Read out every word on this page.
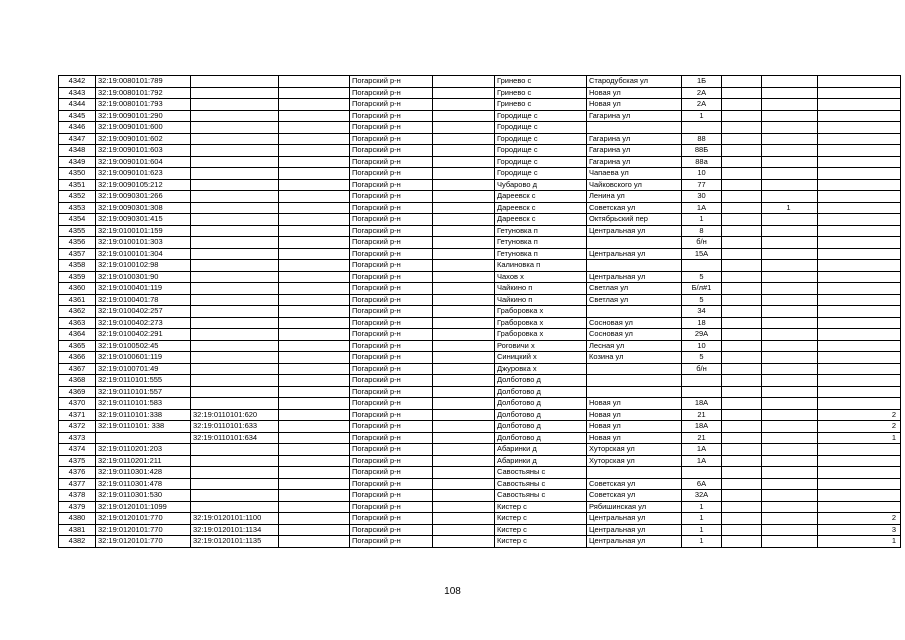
4342	32:19:0080101:789			Погарский р-н		Гринево с	Стародубская ул	1Б			
4343	32:19:0080101:792			Погарский р-н		Гринево с	Новая ул	2А			
4344	32:19:0080101:793			Погарский р-н		Гринево с	Новая ул	2А			
4345	32:19:0090101:290			Погарский р-н		Городище с	Гагарина ул	1			
4346	32:19:0090101:600			Погарский р-н		Городище с					
4347	32:19:0090101:602			Погарский р-н		Городище с	Гагарина ул	88			
4348	32:19:0090101:603			Погарский р-н		Городище с	Гагарина ул	88Б			
4349	32:19:0090101:604			Погарский р-н		Городище с	Гагарина ул	88а			
4350	32:19:0090101:623			Погарский р-н		Городище с	Чапаева ул	10			
4351	32:19:0090105:212			Погарский р-н		Чубарово д	Чайковского ул	77			
4352	32:19:0090301:266			Погарский р-н		Дареевск с	Ленина ул	30			
4353	32:19:0090301:308			Погарский р-н		Дареевск с	Советская ул	1А		1	
4354	32:19:0090301:415			Погарский р-н		Дареевск с	Октябрьский пер	1			
4355	32:19:0100101:159			Погарский р-н		Гетуновка п	Центральная ул	8			
4356	32:19:0100101:303			Погарский р-н		Гетуновка п		б/н			
4357	32:19:0100101:304			Погарский р-н		Гетуновка п	Центральная ул	15А			
4358	32:19:0100102:98			Погарский р-н		Калиновка п					
4359	32:19:0100301:90			Погарский р-н		Чахов х	Центральная ул	5			
4360	32:19:0100401:119			Погарский р-н		Чайкино п	Светлая ул	Б/л#1			
4361	32:19:0100401:78			Погарский р-н		Чайкино п	Светлая ул	5			
4362	32:19:0100402:257			Погарский р-н		Граборовка х		34			
4363	32:19:0100402:273			Погарский р-н		Граборовка х	Сосновая ул	18			
4364	32:19:0100402:291			Погарский р-н		Граборовка х	Сосновая ул	29А			
4365	32:19:0100502:45			Погарский р-н		Роговичи х	Лесная ул	10			
4366	32:19:0100601:119			Погарский р-н		Синицкий х	Козина ул	5			
4367	32:19:0100701:49			Погарский р-н		Джуровка х		б/н			
4368	32:19:0110101:555			Погарский р-н		Долботово д					
4369	32:19:0110101:557			Погарский р-н		Долботово д					
4370	32:19:0110101:583			Погарский р-н		Долботово д	Новая ул	18А			
4371	32:19:0110101:338	32:19:0110101:620		Погарский р-н		Долботово д	Новая ул	21			2
4372	32:19:0110101: 338	32:19:0110101:633		Погарский р-н		Долботово д	Новая ул	18А			2
4373		32:19:0110101:634		Погарский р-н		Долботово д	Новая ул	21			1
4374	32:19:0110201:203			Погарский р-н		Абаринки д	Хуторская ул	1А			
4375	32:19:0110201:211			Погарский р-н		Абаринки д	Хуторская ул	1А			
4376	32:19:0110301:428			Погарский р-н		Савостьяны с					
4377	32:19:0110301:478			Погарский р-н		Савостьяны с	Советская ул	6А			
4378	32:19:0110301:530			Погарский р-н		Савостьяны с	Советская ул	32А			
4379	32:19:0120101:1099			Погарский р-н		Кистер с	Рябишинская ул	1			
4380	32:19:0120101:770	32:19:0120101:1100		Погарский р-н		Кистер с	Центральная ул	1			2
4381	32:19:0120101:770	32:19:0120101:1134		Погарский р-н		Кистер с	Центральная ул	1			3
4382	32:19:0120101:770	32:19:0120101:1135		Погарский р-н		Кистер с	Центральная ул	1			1
108
